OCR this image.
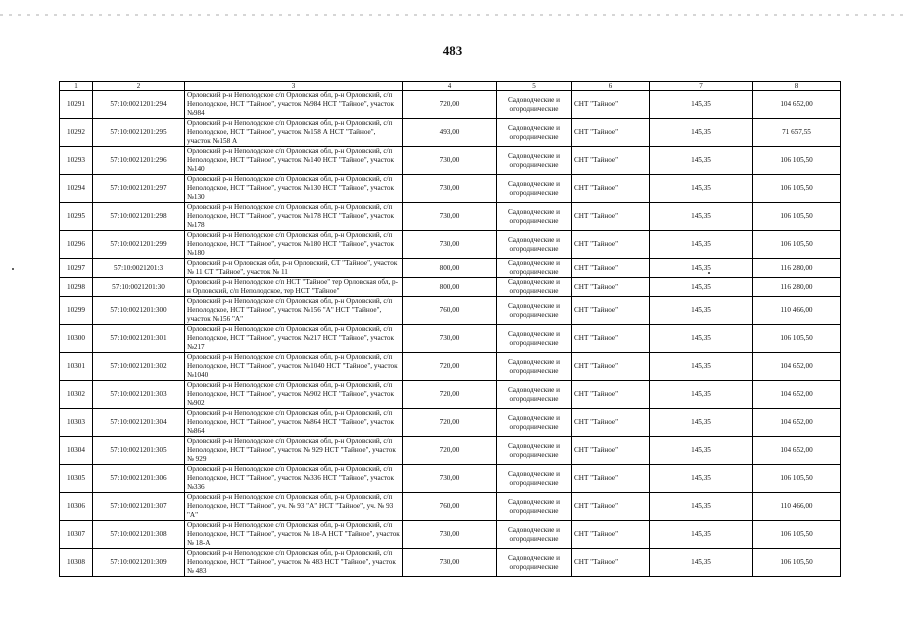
483
1	2	3	4	5	6	7	8
10291	57:10:0021201:294	Орловский р-н Неполодское с/п Орловская обл, р-н Орловский, с/п Неполодское, НСТ "Тайное", участок №984 НСТ "Тайное", участок №984	720,00	Садоводческие и огороднические	СНТ "Тайное"	145,35	104 652,00
10292	57:10:0021201:295	Орловский р-н Неполодское с/п Орловская обл, р-н Орловский, с/п Неполодское, НСТ "Тайное", участок №158 А НСТ "Тайное", участок №158 А	493,00	Садоводческие и огороднические	СНТ "Тайное"	145,35	71 657,55
10293	57:10:0021201:296	Орловский р-н Неполодское с/п Орловская обл, р-н Орловский, с/п Неполодское, НСТ "Тайное", участок №140 НСТ "Тайное", участок №140	730,00	Садоводческие и огороднические	СНТ "Тайное"	145,35	106 105,50
10294	57:10:0021201:297	Орловский р-н Неполодское с/п Орловская обл, р-н Орловский, с/п Неполодское, НСТ "Тайное", участок №130 НСТ "Тайное", участок №130	730,00	Садоводческие и огороднические	СНТ "Тайное"	145,35	106 105,50
10295	57:10:0021201:298	Орловский р-н Неполодское с/п Орловская обл, р-н Орловский, с/п Неполодское, НСТ "Тайное", участок №178 НСТ "Тайное", участок №178	730,00	Садоводческие и огороднические	СНТ "Тайное"	145,35	106 105,50
10296	57:10:0021201:299	Орловский р-н Неполодское с/п Орловская обл, р-н Орловский, с/п Неполодское, НСТ "Тайное", участок №180 НСТ "Тайное", участок №180	730,00	Садоводческие и огороднические	СНТ "Тайное"	145,35	106 105,50
10297	57:10:0021201:3	Орловский р-н Орловская обл, р-н Орловский, СТ "Тайное", участок № 11 СТ "Тайное", участок № 11	800,00	Садоводческие и огороднические	СНТ "Тайное"	145,35	116 280,00
10298	57:10:0021201:30	Орловский р-н Неполодское с/п НСТ "Тайное" тер Орловская обл, р-н Орловский, с/п Неполодское, тер НСТ "Тайное"	800,00	Садоводческие и огороднические	СНТ "Тайное"	145,35	116 280,00
10299	57:10:0021201:300	Орловский р-н Неполодское с/п Орловская обл, р-н Орловский, с/п Неполодское, НСТ "Тайное", участок №156 "А" НСТ "Тайное", участок №156 "А"	760,00	Садоводческие и огороднические	СНТ "Тайное"	145,35	110 466,00
10300	57:10:0021201:301	Орловский р-н Неполодское с/п Орловская обл, р-н Орловский, с/п Неполодское, НСТ "Тайное", участок №217 НСТ "Тайное", участок №217	730,00	Садоводческие и огороднические	СНТ "Тайное"	145,35	106 105,50
10301	57:10:0021201:302	Орловский р-н Неполодское с/п Орловская обл, р-н Орловский, с/п Неполодское, НСТ "Тайное", участок №1040 НСТ "Тайное", участок №1040	720,00	Садоводческие и огороднические	СНТ "Тайное"	145,35	104 652,00
10302	57:10:0021201:303	Орловский р-н Неполодское с/п Орловская обл, р-н Орловский, с/п Неполодское, НСТ "Тайное", участок №902 НСТ "Тайное", участок №902	720,00	Садоводческие и огороднические	СНТ "Тайное"	145,35	104 652,00
10303	57:10:0021201:304	Орловский р-н Неполодское с/п Орловская обл, р-н Орловский, с/п Неполодское, НСТ "Тайное", участок №864 НСТ "Тайное", участок №864	720,00	Садоводческие и огороднические	СНТ "Тайное"	145,35	104 652,00
10304	57:10:0021201:305	Орловский р-н Неполодское с/п Орловская обл, р-н Орловский, с/п Неполодское, НСТ "Тайное", участок № 929 НСТ "Тайное", участок № 929	720,00	Садоводческие и огороднические	СНТ "Тайное"	145,35	104 652,00
10305	57:10:0021201:306	Орловский р-н Неполодское с/п Орловская обл, р-н Орловский, с/п Неполодское, НСТ "Тайное", участок №336 НСТ "Тайное", участок №336	730,00	Садоводческие и огороднические	СНТ "Тайное"	145,35	106 105,50
10306	57:10:0021201:307	Орловский р-н Неполодское с/п Орловская обл, р-н Орловский, с/п Неполодское, НСТ "Тайное", уч. № 93 "А" НСТ "Тайное", уч. № 93 "А"	760,00	Садоводческие и огороднические	СНТ "Тайное"	145,35	110 466,00
10307	57:10:0021201:308	Орловский р-н Неполодское с/п Орловская обл, р-н Орловский, с/п Неполодское, НСТ "Тайное", участок № 18-А НСТ "Тайное", участок № 18-А	730,00	Садоводческие и огороднические	СНТ "Тайное"	145,35	106 105,50
10308	57:10:0021201:309	Орловский р-н Неполодское с/п Орловская обл, р-н Орловский, с/п Неполодское, НСТ "Тайное", участок № 483 НСТ "Тайное", участок № 483	730,00	Садоводческие и огороднические	СНТ "Тайное"	145,35	106 105,50
